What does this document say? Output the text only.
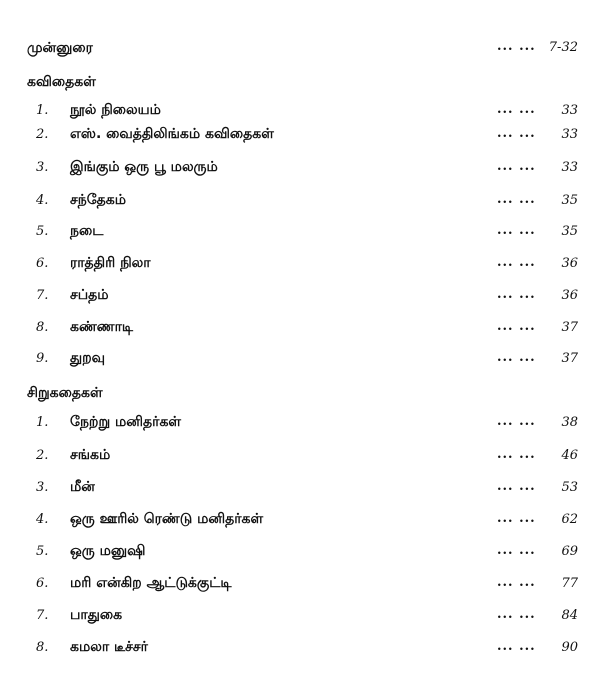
முன்னுரை	... ... 7-32
கவிதைகள்
1. நூல் நிலையம்	... ... 33
2. எஸ். வைத்திலிங்கம் கவிதைகள்	... ... 33
3. இங்கும் ஒரு பூ மலரும்	... ... 33
4. சந்தேகம்	... ... 35
5. நடை	... ... 35
6. ராத்திரி நிலா	... ... 36
7. சப்தம்	... ... 36
8. கண்ணாடி	... ... 37
9. துறவு	... ... 37
சிறுகதைகள்
1. நேற்று மனிதர்கள்	... ... 38
2. சங்கம்	... ... 46
3. மீன்	... ... 53
4. ஒரு ஊரில் ரெண்டு மனிதர்கள்	... ... 62
5. ஒரு மனுஷி	... ... 69
6. மரி என்கிற ஆட்டுக்குட்டி	... ... 77
7. பாதுகை	... ... 84
8. கமலா டீச்சர்	... ... 90
